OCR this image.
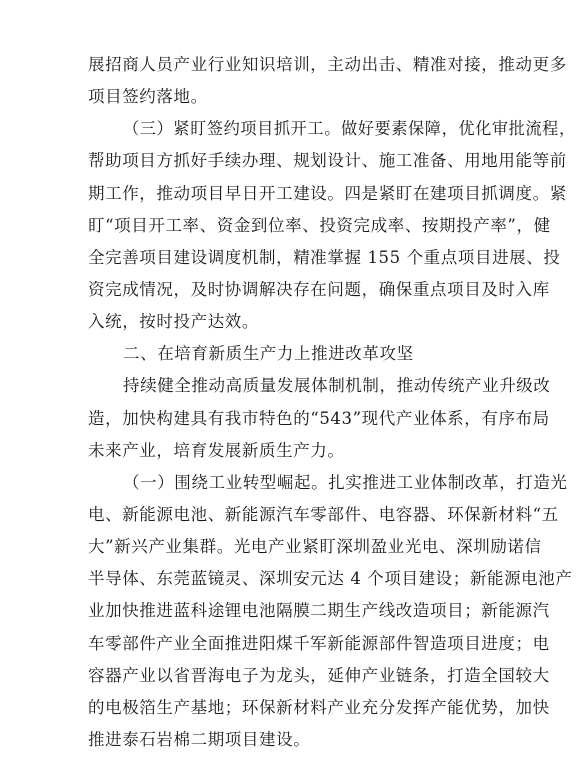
展招商人员产业行业知识培训，主动出击、精准对接，推动更多
项目签约落地。
（三）紧盯签约项目抓开工。做好要素保障，优化审批流程，
帮助项目方抓好手续办理、规划设计、施工准备、用地用能等前
期工作，推动项目早日开工建设。四是紧盯在建项目抓调度。紧
盯“项目开工率、资金到位率、投资完成率、按期投产率”，健
全完善项目建设调度机制，精准掌握 155 个重点项目进展、投
资完成情况，及时协调解决存在问题，确保重点项目及时入库
入统，按时投产达效。
二、在培育新质生产力上推进改革攻坚
持续健全推动高质量发展体制机制，推动传统产业升级改
造，加快构建具有我市特色的“543”现代产业体系，有序布局
未来产业，培育发展新质生产力。
（一）围绕工业转型崛起。扎实推进工业体制改革，打造光
电、新能源电池、新能源汽车零部件、电容器、环保新材料“五
大”新兴产业集群。光电产业紧盯深圳盈业光电、深圳励诺信
半导体、东莞蓝镜灵、深圳安元达 4 个项目建设；新能源电池产
业加快推进蓝科途锂电池隔膜二期生产线改造项目；新能源汽
车零部件产业全面推进阳煤千军新能源部件智造项目进度；电
容器产业以省晋海电子为龙头，延伸产业链条，打造全国较大
的电极箔生产基地；环保新材料产业充分发挥产能优势，加快
推进泰石岩棉二期项目建设。
